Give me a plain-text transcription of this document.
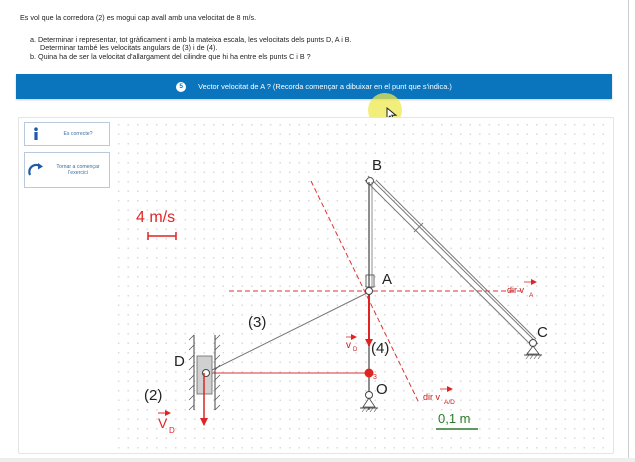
Es vol que la corredora (2) es mogui cap avall amb una velocitat de 8 m/s.
a. Determinar i representar, tot gràficament i amb la mateixa escala, les velocitats dels punts D, A i B.
Determinar també les velocitats angulars de (3) i de (4).
b. Quina ha de ser la velocitat d'allargament del cilindre que hi ha entre els punts C i B ?
5	Vector velocitat de A ? (Recorda començar a dibuixar en el punt que s'indica.)
Es correcte?
Tornar a començar l'exercici
4 m/s
0,1 m
B
A
C
D
O
(3)
(4)
(2)
3
V D
v D
dir v
A
dir v
A/D
